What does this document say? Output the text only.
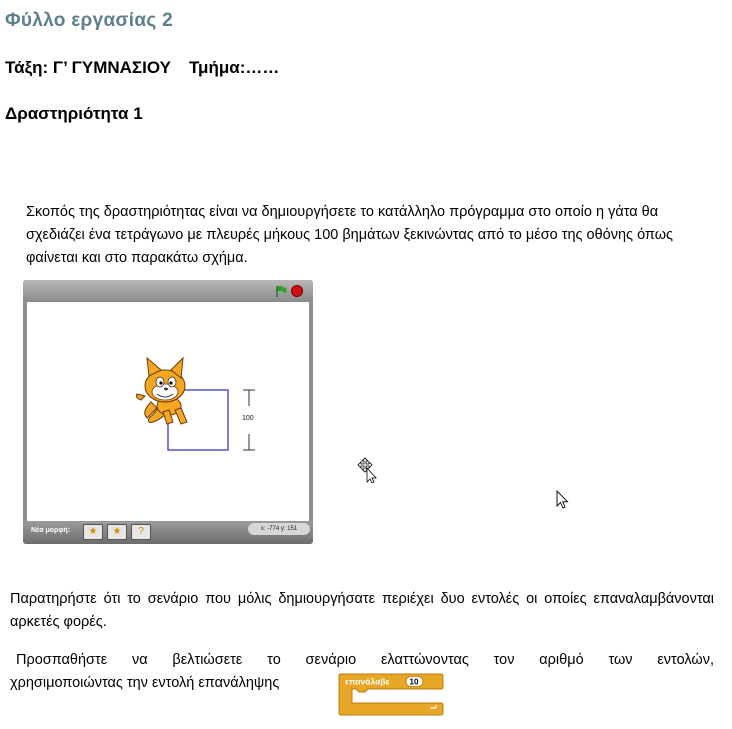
Φύλλο εργασίας 2
Τάξη: Γ’ ΓΥΜΝΑΣΙΟΥ Τμήμα:……
Δραστηριότητα 1
Σκοπός της δραστηριότητας είναι να δημιουργήσετε το κατάλληλο πρόγραμμα στο οποίο η γάτα θα σχεδιάζει ένα τετράγωνο με πλευρές μήκους 100 βημάτων ξεκινώντας από το μέσο της οθόνης όπως φαίνεται και στο παρακάτω σχήμα.
100
Νέα μορφή:	★	★	?	x: -774 y: 151
Παρατηρήστε ότι το σενάριο που μόλις δημιουργήσατε περιέχει δυο εντολές οι οποίες επαναλαμβάνονται αρκετές φορές.
Προσπαθήστε να βελτιώσετε το σενάριο ελαττώνοντας τον αριθμό των εντολών,
χρησιμοποιώντας την εντολή επανάληψης	επανάλαβε 10
